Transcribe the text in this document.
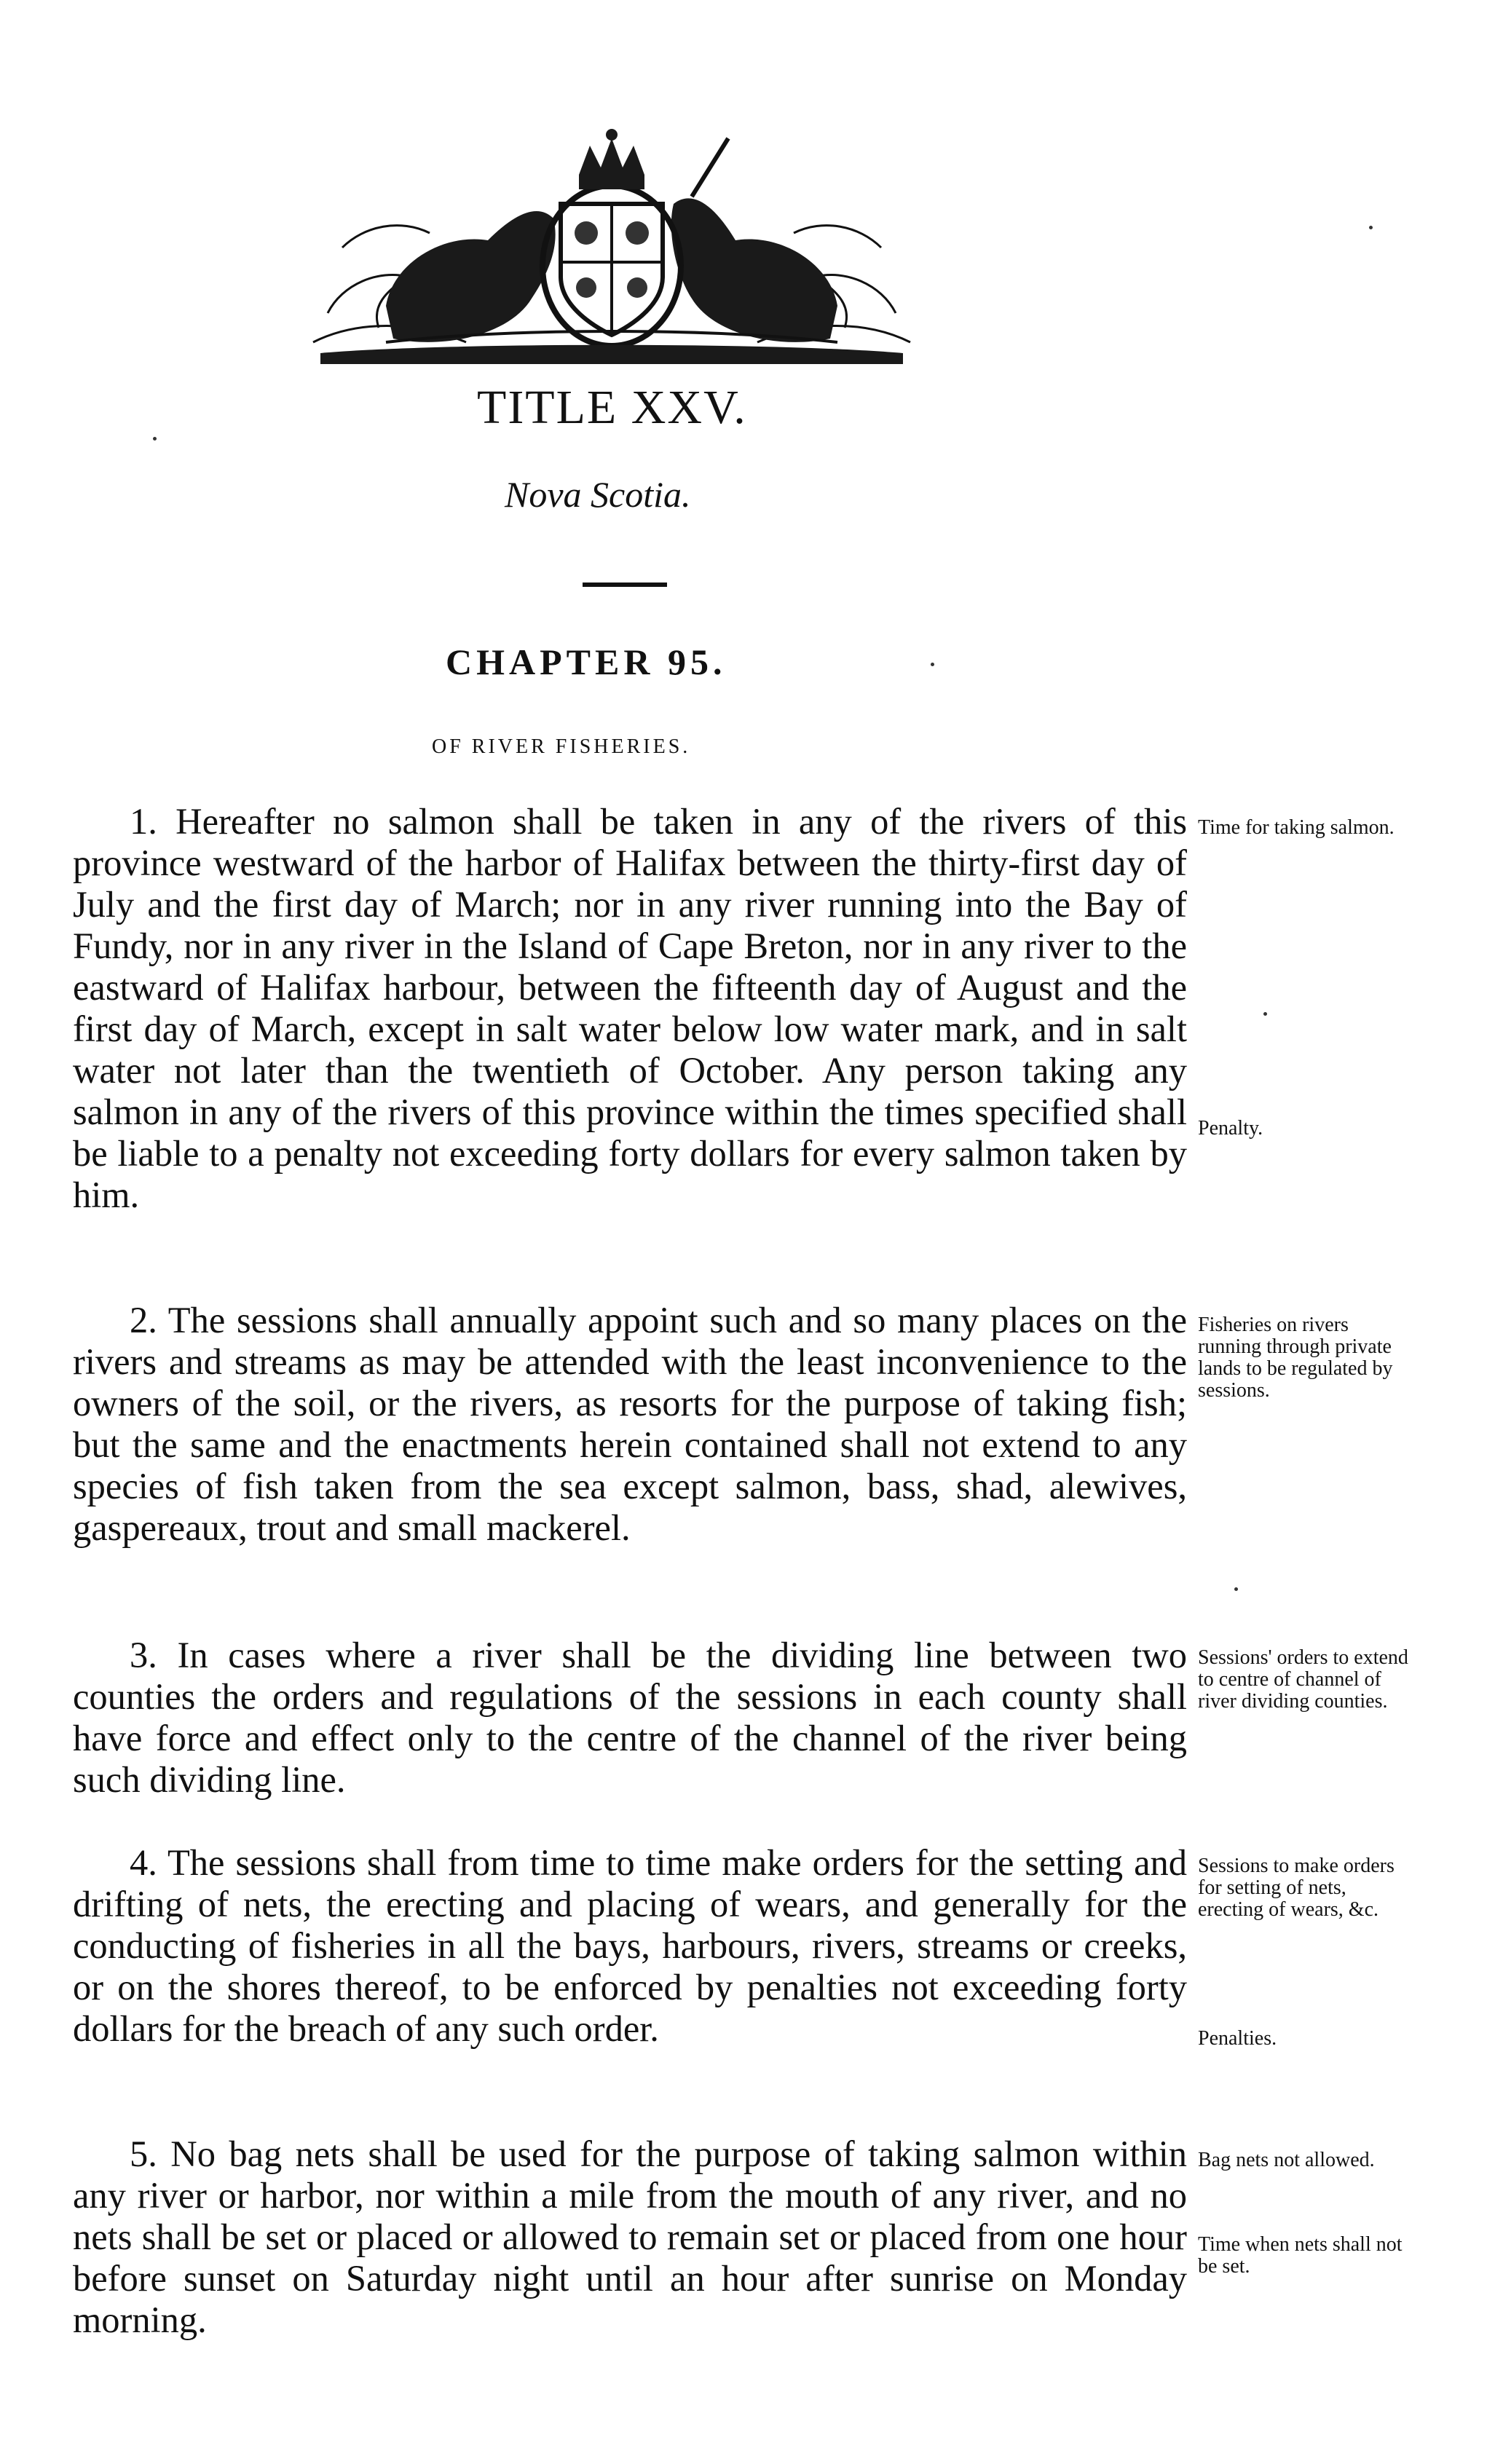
TITLE XXV.
Nova Scotia.
CHAPTER 95.
OF RIVER FISHERIES.

1. Hereafter no salmon shall be taken in any of the rivers of this province westward of the harbor of Halifax between the thirty-first day of July and the first day of March; nor in any river running into the Bay of Fundy, nor in any river in the Island of Cape Breton, nor in any river to the eastward of Halifax harbour, between the fifteenth day of August and the first day of March, except in salt water below low water mark, and in salt water not later than the twentieth of October. Any person taking any salmon in any of the rivers of this province within the times specified shall be liable to a penalty not exceeding forty dollars for every salmon taken by him.

Time for taking salmon.
Penalty.

2. The sessions shall annually appoint such and so many places on the rivers and streams as may be attended with the least inconvenience to the owners of the soil, or the rivers, as resorts for the purpose of taking fish; but the same and the enactments herein contained shall not extend to any species of fish taken from the sea except salmon, bass, shad, alewives, gaspereaux, trout and small mackerel.

Fisheries on rivers running through private lands to be regulated by sessions.

3. In cases where a river shall be the dividing line between two counties the orders and regulations of the sessions in each county shall have force and effect only to the centre of the channel of the river being such dividing line.

Sessions' orders to extend to centre of channel of river dividing counties.

4. The sessions shall from time to time make orders for the setting and drifting of nets, the erecting and placing of wears, and generally for the conducting of fisheries in all the bays, harbours, rivers, streams or creeks, or on the shores thereof, to be enforced by penalties not exceeding forty dollars for the breach of any such order.

Sessions to make orders for setting of nets, erecting of wears, &c.
Penalties.

5. No bag nets shall be used for the purpose of taking salmon within any river or harbor, nor within a mile from the mouth of any river, and no nets shall be set or placed or allowed to remain set or placed from one hour before sunset on Saturday night until an hour after sunrise on Monday morning.

Bag nets not allowed.
Time when nets shall not be set.
